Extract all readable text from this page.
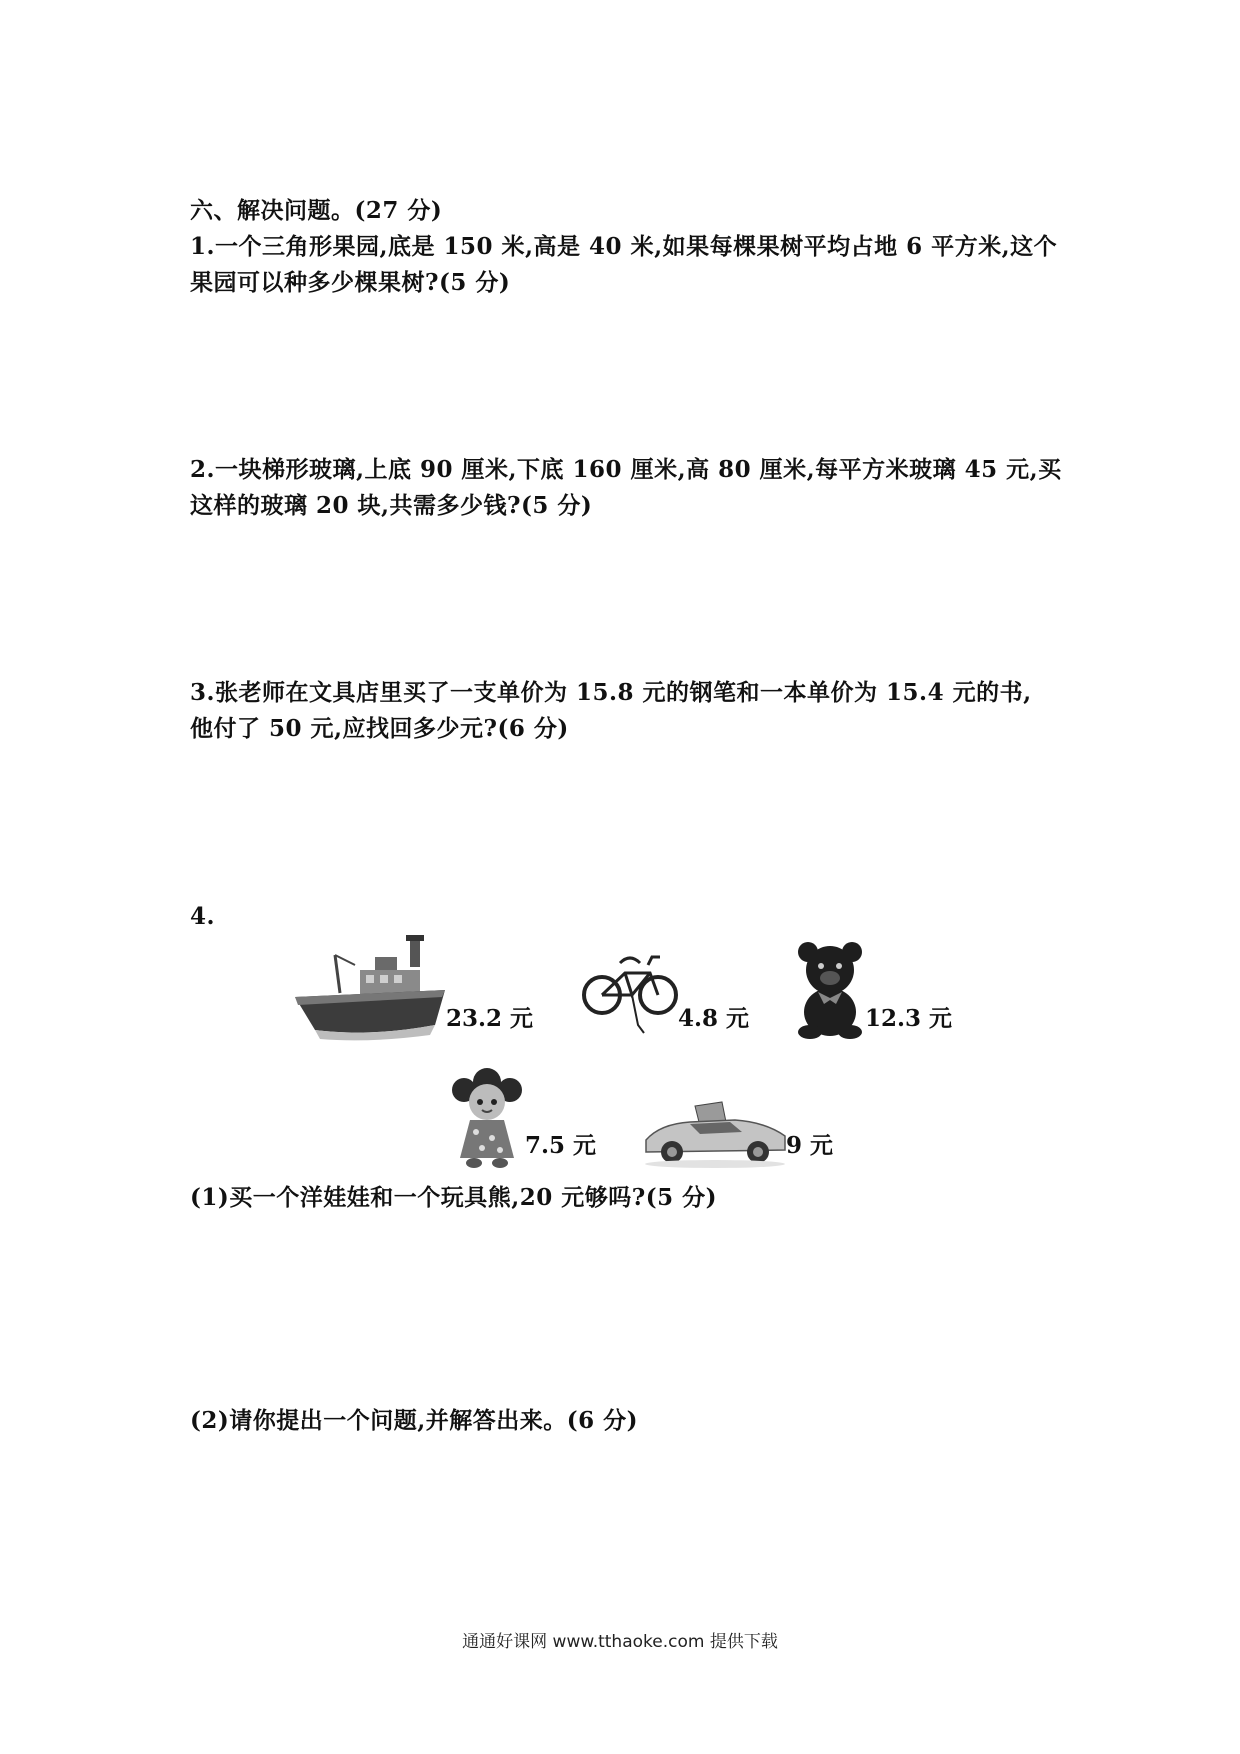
六、解决问题。(27 分)
1.一个三角形果园,底是 150 米,高是 40 米,如果每棵果树平均占地 6 平方米,这个
果园可以种多少棵果树?(5 分)
2.一块梯形玻璃,上底 90 厘米,下底 160 厘米,高 80 厘米,每平方米玻璃 45 元,买
这样的玻璃 20 块,共需多少钱?(5 分)
3.张老师在文具店里买了一支单价为 15.8 元的钢笔和一本单价为 15.4 元的书,
他付了 50 元,应找回多少元?(6 分)
4.
23.2 元	4.8 元	12.3 元
7.5 元	9 元
(1)买一个洋娃娃和一个玩具熊,20 元够吗?(5 分)
(2)请你提出一个问题,并解答出来。(6 分)
通通好课网 www.tthaoke.com 提供下载
